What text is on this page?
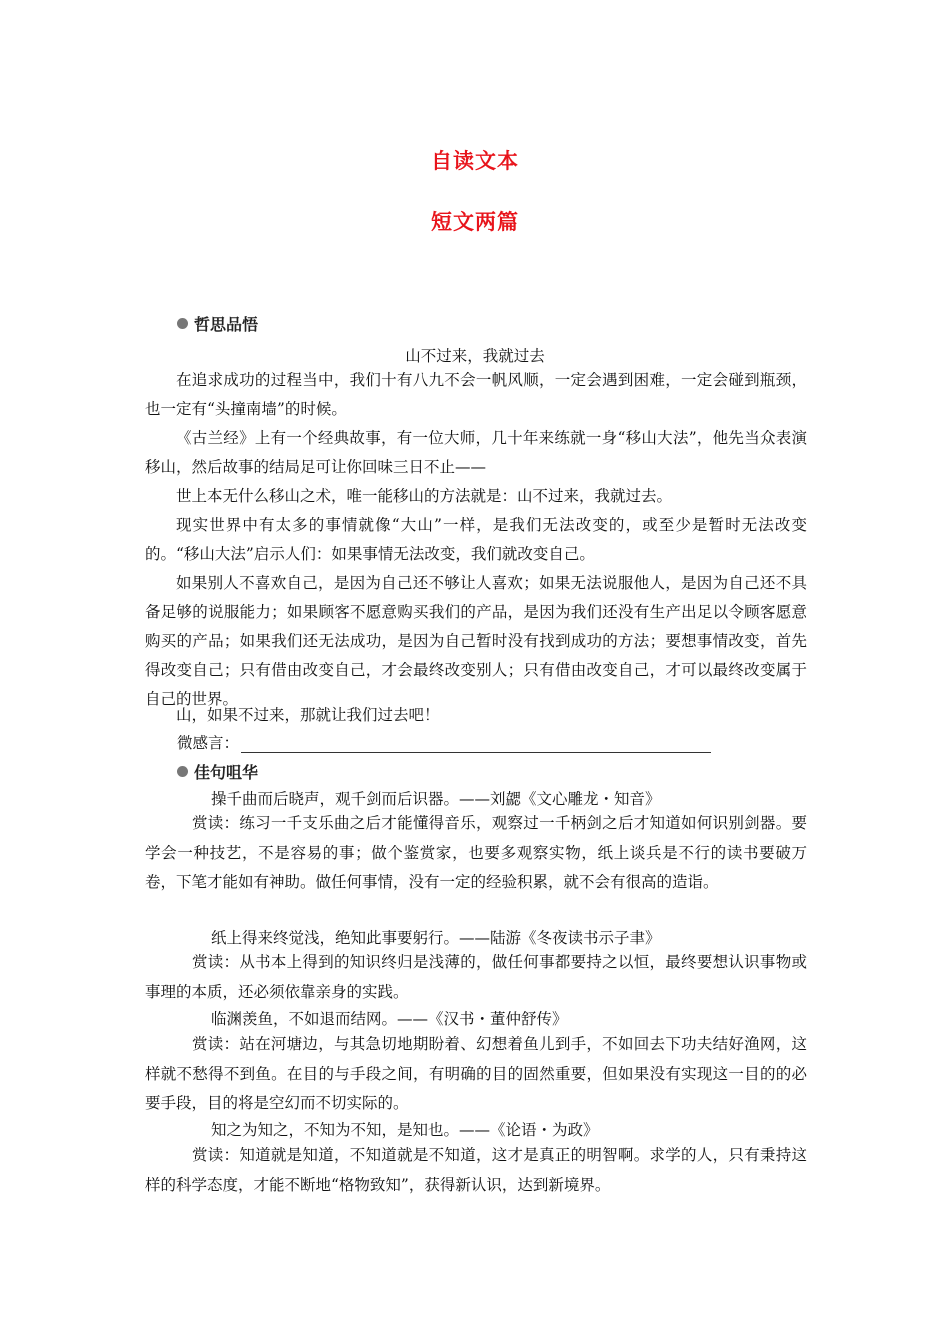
自读文本
短文两篇
哲思品悟
山不过来，我就过去
在追求成功的过程当中，我们十有八九不会一帆风顺，一定会遇到困难，一定会碰到瓶颈，也一定有“头撞南墙”的时候。
《古兰经》上有一个经典故事，有一位大师，几十年来练就一身“移山大法”，他先当众表演移山，然后故事的结局足可让你回味三日不止——
世上本无什么移山之术，唯一能移山的方法就是：山不过来，我就过去。
现实世界中有太多的事情就像“大山”一样，是我们无法改变的，或至少是暂时无法改变的。“移山大法”启示人们：如果事情无法改变，我们就改变自己。
如果别人不喜欢自己，是因为自己还不够让人喜欢；如果无法说服他人，是因为自己还不具备足够的说服能力；如果顾客不愿意购买我们的产品，是因为我们还没有生产出足以令顾客愿意购买的产品；如果我们还无法成功，是因为自己暂时没有找到成功的方法；要想事情改变，首先得改变自己；只有借由改变自己，才会最终改变别人；只有借由改变自己，才可以最终改变属于自己的世界。
山，如果不过来，那就让我们过去吧！
微感言：
佳句咀华
操千曲而后晓声，观千剑而后识器。——刘勰《文心雕龙・知音》
赏读：练习一千支乐曲之后才能懂得音乐，观察过一千柄剑之后才知道如何识别剑器。要学会一种技艺，不是容易的事；做个鉴赏家，也要多观察实物，纸上谈兵是不行的读书要破万卷，下笔才能如有神助。做任何事情，没有一定的经验积累，就不会有很高的造诣。
纸上得来终觉浅，绝知此事要躬行。——陆游《冬夜读书示子聿》
赏读：从书本上得到的知识终归是浅薄的，做任何事都要持之以恒，最终要想认识事物或事理的本质，还必须依靠亲身的实践。
临渊羡鱼，不如退而结网。——《汉书・董仲舒传》
赏读：站在河塘边，与其急切地期盼着、幻想着鱼儿到手，不如回去下功夫结好渔网，这样就不愁得不到鱼。在目的与手段之间，有明确的目的固然重要，但如果没有实现这一目的的必要手段，目的将是空幻而不切实际的。
知之为知之，不知为不知，是知也。——《论语・为政》
赏读：知道就是知道，不知道就是不知道，这才是真正的明智啊。求学的人，只有秉持这样的科学态度，才能不断地“格物致知”，获得新认识，达到新境界。
